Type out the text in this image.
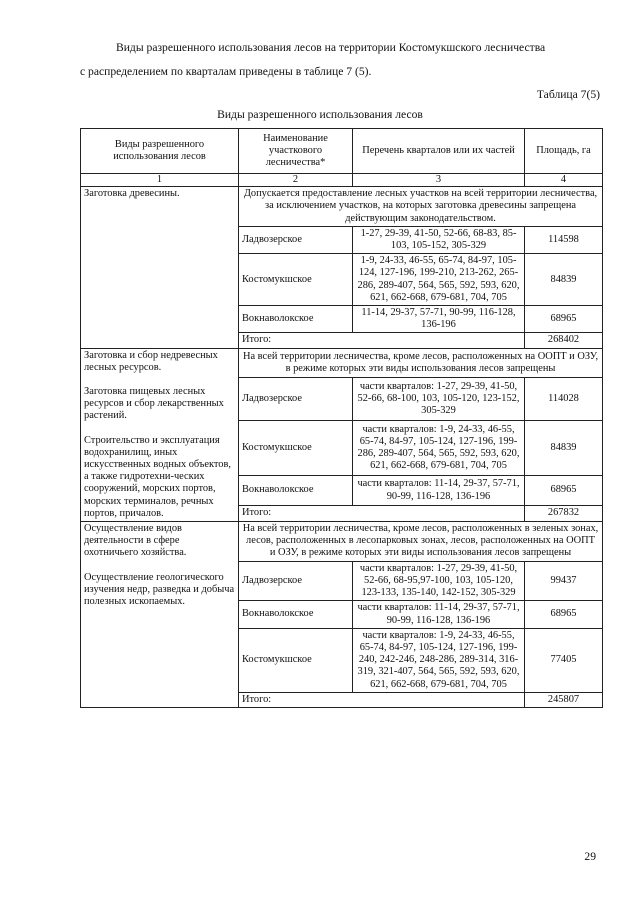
Виды разрешенного использования лесов на территории Костомукшского лесничества
с распределением по кварталам приведены в таблице 7 (5).
Таблица 7(5)
Виды разрешенного использования лесов
Виды разрешенного использования лесов	Наименование участкового лесничества*	Перечень кварталов или их частей	Площадь, га
1	2	3	4

Заготовка древесины.	Допускается предоставление лесных участков на всей территории лесничества, за исключением участков, на которых заготовка древесины запрещена действующим законодательством.		
	Ладвозерское	1-27, 29-39, 41-50, 52-66, 68-83, 85-103, 105-152, 305-329	114598
	Костомукшское	1-9, 24-33, 46-55, 65-74, 84-97, 105-124, 127-196, 199-210, 213-262, 265-286, 289-407, 564, 565, 592, 593, 620, 621, 662-668, 679-681, 704, 705	84839
	Вокнаволокское	11-14, 29-37, 57-71, 90-99, 116-128, 136-196	68965
	Итого:		268402

Заготовка и сбор недревесных лесных ресурсов.

Заготовка пищевых лесных ресурсов и сбор лекарственных растений.

Строительство и эксплуатация водохранилищ, иных искусственных водных объектов, а также гидротехни-ческих сооружений, морских портов, морских терминалов, речных портов, причалов.	На всей территории лесничества, кроме лесов, расположенных на ООПТ и ОЗУ, в режиме которых эти виды использования лесов запрещены		
	Ладвозерское	части кварталов: 1-27, 29-39, 41-50, 52-66, 68-100, 103, 105-120, 123-152, 305-329	114028
	Костомукшское	части кварталов: 1-9, 24-33, 46-55, 65-74, 84-97, 105-124, 127-196, 199-286, 289-407, 564, 565, 592, 593, 620, 621, 662-668, 679-681, 704, 705	84839
	Вокнаволокское	части кварталов: 11-14, 29-37, 57-71, 90-99, 116-128, 136-196	68965
	Итого:		267832

Осуществление видов деятельности в сфере охотничьего хозяйства.

Осуществление геологического изучения недр, разведка и добыча полезных ископаемых.	На всей территории лесничества, кроме лесов, расположенных в зеленых зонах, лесов, расположенных в лесопарковых зонах, лесов, расположенных на ООПТ и ОЗУ, в режиме которых эти виды использования лесов запрещены		
	Ладвозерское	части кварталов: 1-27, 29-39, 41-50, 52-66, 68-95,97-100, 103, 105-120, 123-133, 135-140, 142-152, 305-329	99437
	Вокнаволокское	части кварталов: 11-14, 29-37, 57-71, 90-99, 116-128, 136-196	68965
	Костомукшское	части кварталов: 1-9, 24-33, 46-55, 65-74, 84-97, 105-124, 127-196, 199-240, 242-246, 248-286, 289-314, 316-319, 321-407, 564, 565, 592, 593, 620, 621, 662-668, 679-681, 704, 705	77405
	Итого:		245807
29
